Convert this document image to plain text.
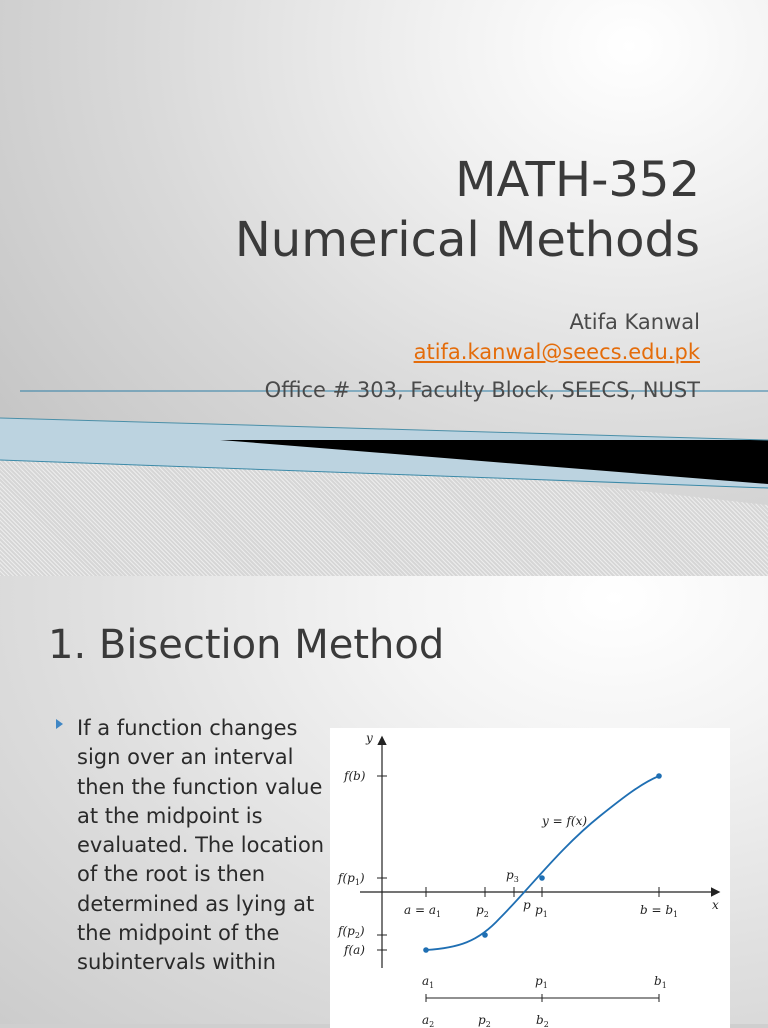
MATH-352
Numerical Methods
Atifa Kanwal
atifa.kanwal@seecs.edu.pk
Office # 303, Faculty Block, SEECS, NUST
1. Bisection Method
If a function changes sign over an interval then the function value at the midpoint is evaluated. The location of the root is then determined as lying at the midpoint of the subintervals within
y
x
f(b)
$f(p_1)$
$f(p_2)$
f(a)
$a = a_1$	$p_2$
$p_3$
p $p_1$	$b = b_1$
y = f(x)
$a_1$	$p_1$	$b_1$
$a_2$	$p_2$	$b_2$
